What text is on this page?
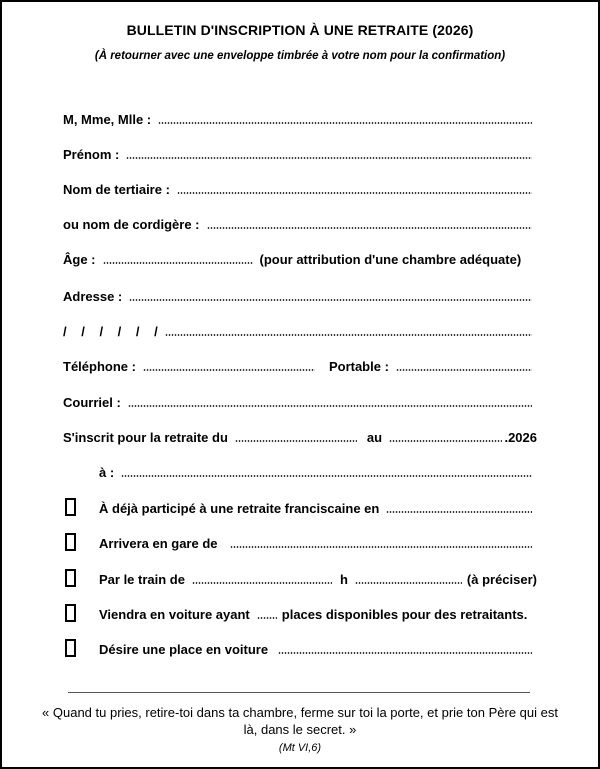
BULLETIN D'INSCRIPTION À UNE RETRAITE (2026)
(À retourner avec une enveloppe timbrée à votre nom pour la confirmation)
M, Mme, Mlle :
Prénom :
Nom de tertiaire :
ou nom de cordigère :
Âge :	(pour attribution d'une chambre adéquate)
Adresse :
/ / / / / /
Téléphone :	Portable :
Courriel :
S'inscrit pour la retraite du	au	.2026
à :
À déjà participé à une retraite franciscaine en
Arrivera en gare de
Par le train de	h	(à préciser)
Viendra en voiture ayant places disponibles pour des retraitants.
Désire une place en voiture
« Quand tu pries, retire-toi dans ta chambre, ferme sur toi la porte, et prie ton Père qui est là, dans le secret. »
(Mt VI,6)
